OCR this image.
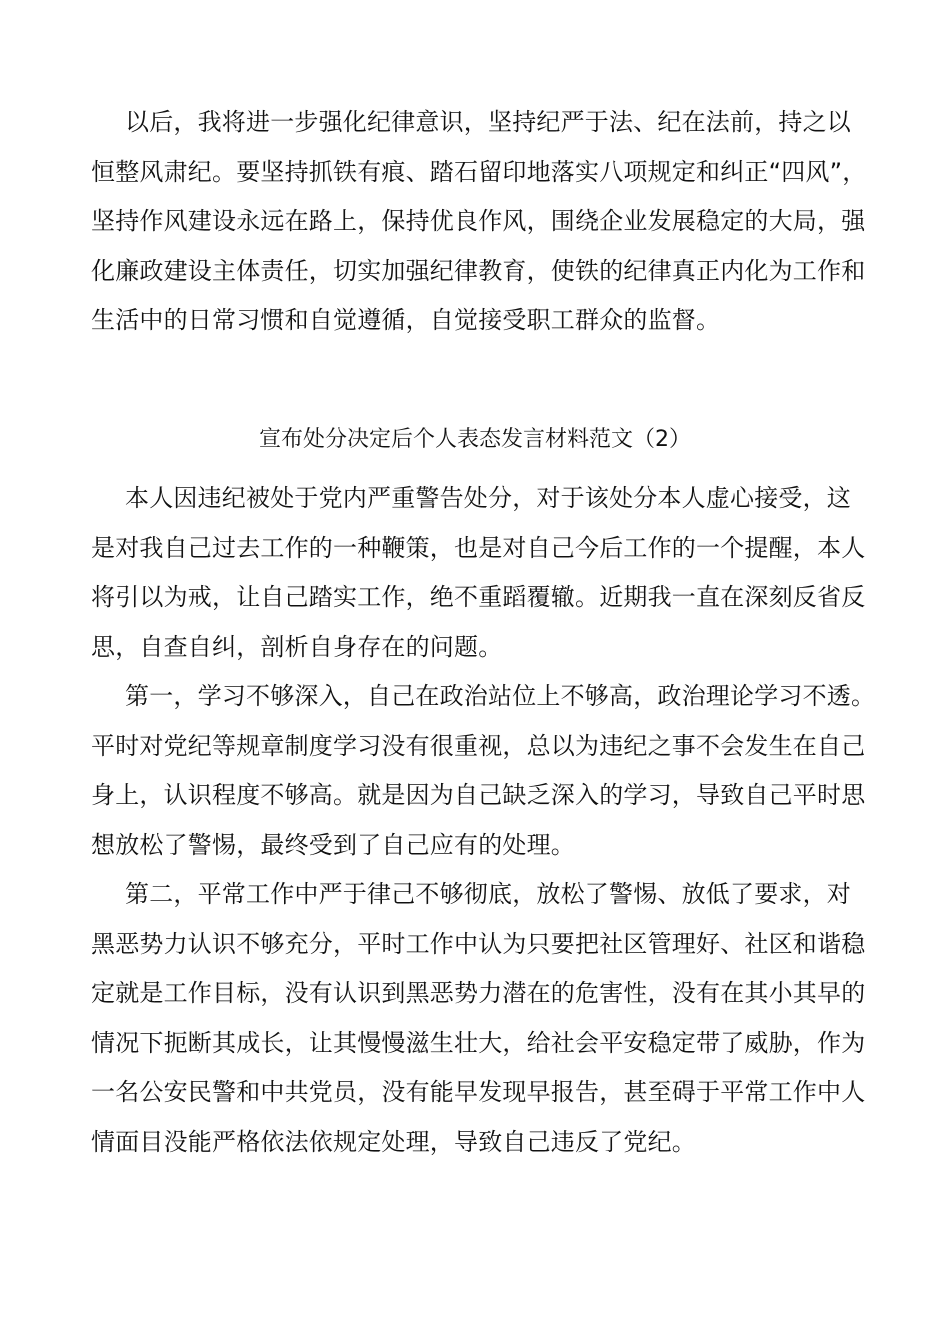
以后，我将进一步强化纪律意识，坚持纪严于法、纪在法前，持之以
恒整风肃纪。要坚持抓铁有痕、踏石留印地落实八项规定和纠正“四风”，
坚持作风建设永远在路上，保持优良作风，围绕企业发展稳定的大局，强
化廉政建设主体责任，切实加强纪律教育，使铁的纪律真正内化为工作和
生活中的日常习惯和自觉遵循，自觉接受职工群众的监督。
宣布处分决定后个人表态发言材料范文（2）
本人因违纪被处于党内严重警告处分，对于该处分本人虚心接受，这
是对我自己过去工作的一种鞭策，也是对自己今后工作的一个提醒，本人
将引以为戒，让自己踏实工作，绝不重蹈覆辙。近期我一直在深刻反省反
思，自查自纠，剖析自身存在的问题。
第一，学习不够深入，自己在政治站位上不够高，政治理论学习不透。
平时对党纪等规章制度学习没有很重视，总以为违纪之事不会发生在自己
身上，认识程度不够高。就是因为自己缺乏深入的学习，导致自己平时思
想放松了警惕，最终受到了自己应有的处理。
第二，平常工作中严于律己不够彻底，放松了警惕、放低了要求，对
黑恶势力认识不够充分，平时工作中认为只要把社区管理好、社区和谐稳
定就是工作目标，没有认识到黑恶势力潜在的危害性，没有在其小其早的
情况下扼断其成长，让其慢慢滋生壮大，给社会平安稳定带了威胁，作为
一名公安民警和中共党员，没有能早发现早报告，甚至碍于平常工作中人
情面目没能严格依法依规定处理，导致自己违反了党纪。
